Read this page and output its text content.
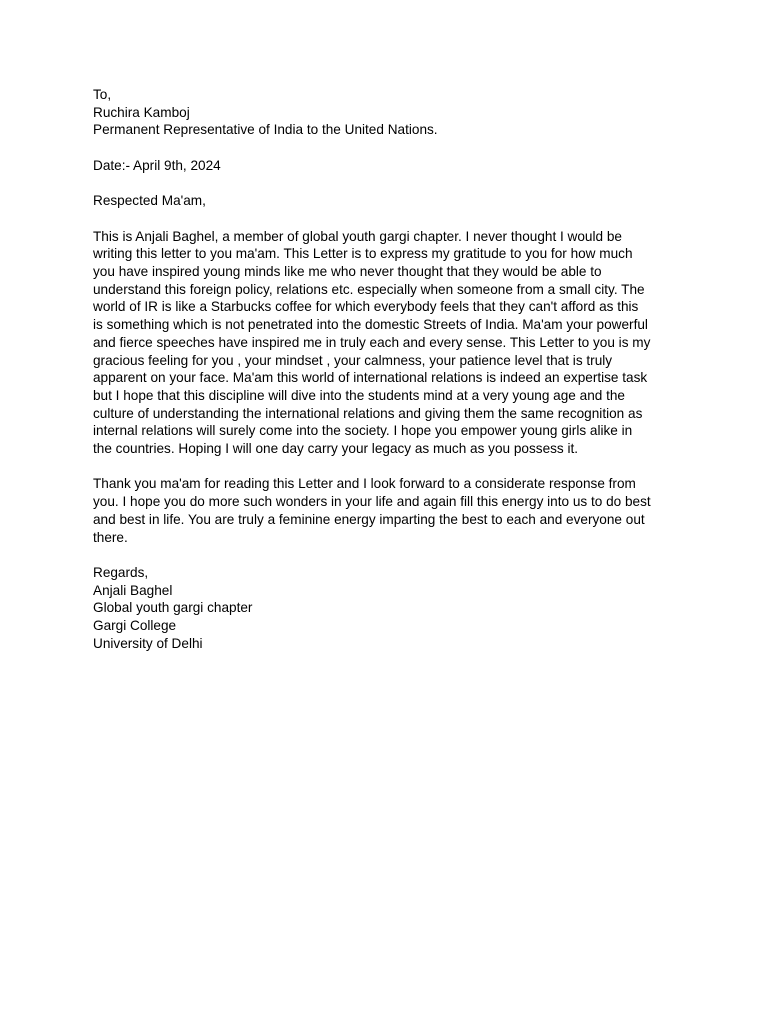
To,
Ruchira Kamboj
Permanent Representative of India to the United Nations.
Date:- April 9th, 2024
Respected Ma'am,
This is Anjali Baghel, a member of global youth gargi chapter. I never thought I would be
writing this letter to you ma'am. This Letter is to express my gratitude to you for how much
you have inspired young minds like me who never thought that they would be able to
understand this foreign policy, relations etc. especially when someone from a small city. The
world of IR is like a Starbucks coffee for which everybody feels that they can't afford as this
is something which is not penetrated into the domestic Streets of India. Ma'am your powerful
and fierce speeches have inspired me in truly each and every sense. This Letter to you is my
gracious feeling for you , your mindset , your calmness, your patience level that is truly
apparent on your face. Ma'am this world of international relations is indeed an expertise task
but I hope that this discipline will dive into the students mind at a very young age and the
culture of understanding the international relations and giving them the same recognition as
internal relations will surely come into the society. I hope you empower young girls alike in
the countries. Hoping I will one day carry your legacy as much as you possess it.
Thank you ma'am for reading this Letter and I look forward to a considerate response from
you. I hope you do more such wonders in your life and again fill this energy into us to do best
and best in life. You are truly a feminine energy imparting the best to each and everyone out
there.
Regards,
Anjali Baghel
Global youth gargi chapter
Gargi College
University of Delhi
